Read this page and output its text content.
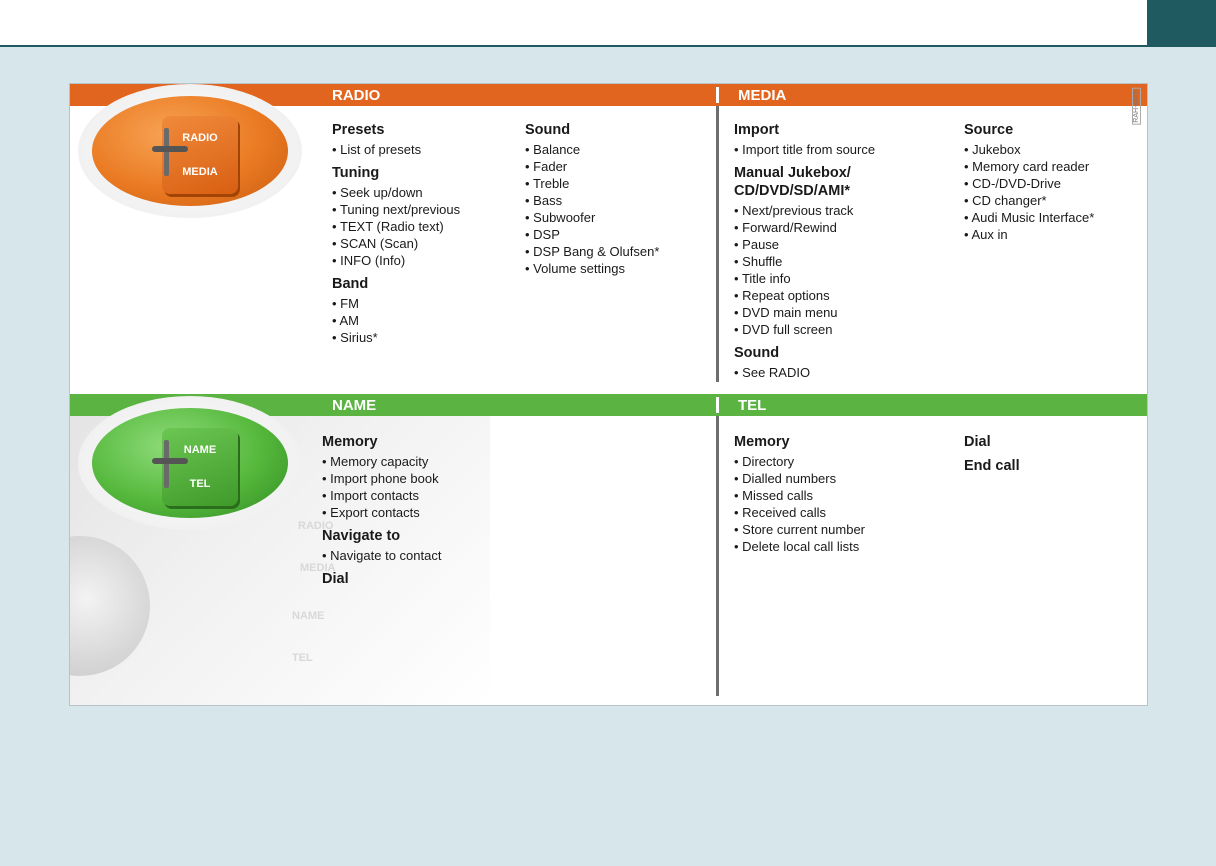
RADIO	MEDIA	RAH-4496
RADIO
MEDIA
Presets
• List of presets
Tuning
• Seek up/down
• Tuning next/previous
• TEXT (Radio text)
• SCAN (Scan)
• INFO (Info)
Band
• FM
• AM
• Sirius*
Sound
• Balance
• Fader
• Treble
• Bass
• Subwoofer
• DSP
• DSP Bang & Olufsen*
• Volume settings
Import
• Import title from source
Manual Jukebox/
CD/DVD/SD/AMI*
• Next/previous track
• Forward/Rewind
• Pause
• Shuffle
• Title info
• Repeat options
• DVD main menu
• DVD full screen
Sound
• See RADIO
Source
• Jukebox
• Memory card reader
• CD-/DVD-Drive
• CD changer*
• Audi Music Interface*
• Aux in
NAME	TEL
RADIO
MEDIA
NAME
TEL
NAME
TEL
Memory
• Memory capacity
• Import phone book
• Import contacts
• Export contacts
Navigate to
• Navigate to contact
Dial
Memory
• Directory
• Dialled numbers
• Missed calls
• Received calls
• Store current number
• Delete local call lists
Dial
End call
